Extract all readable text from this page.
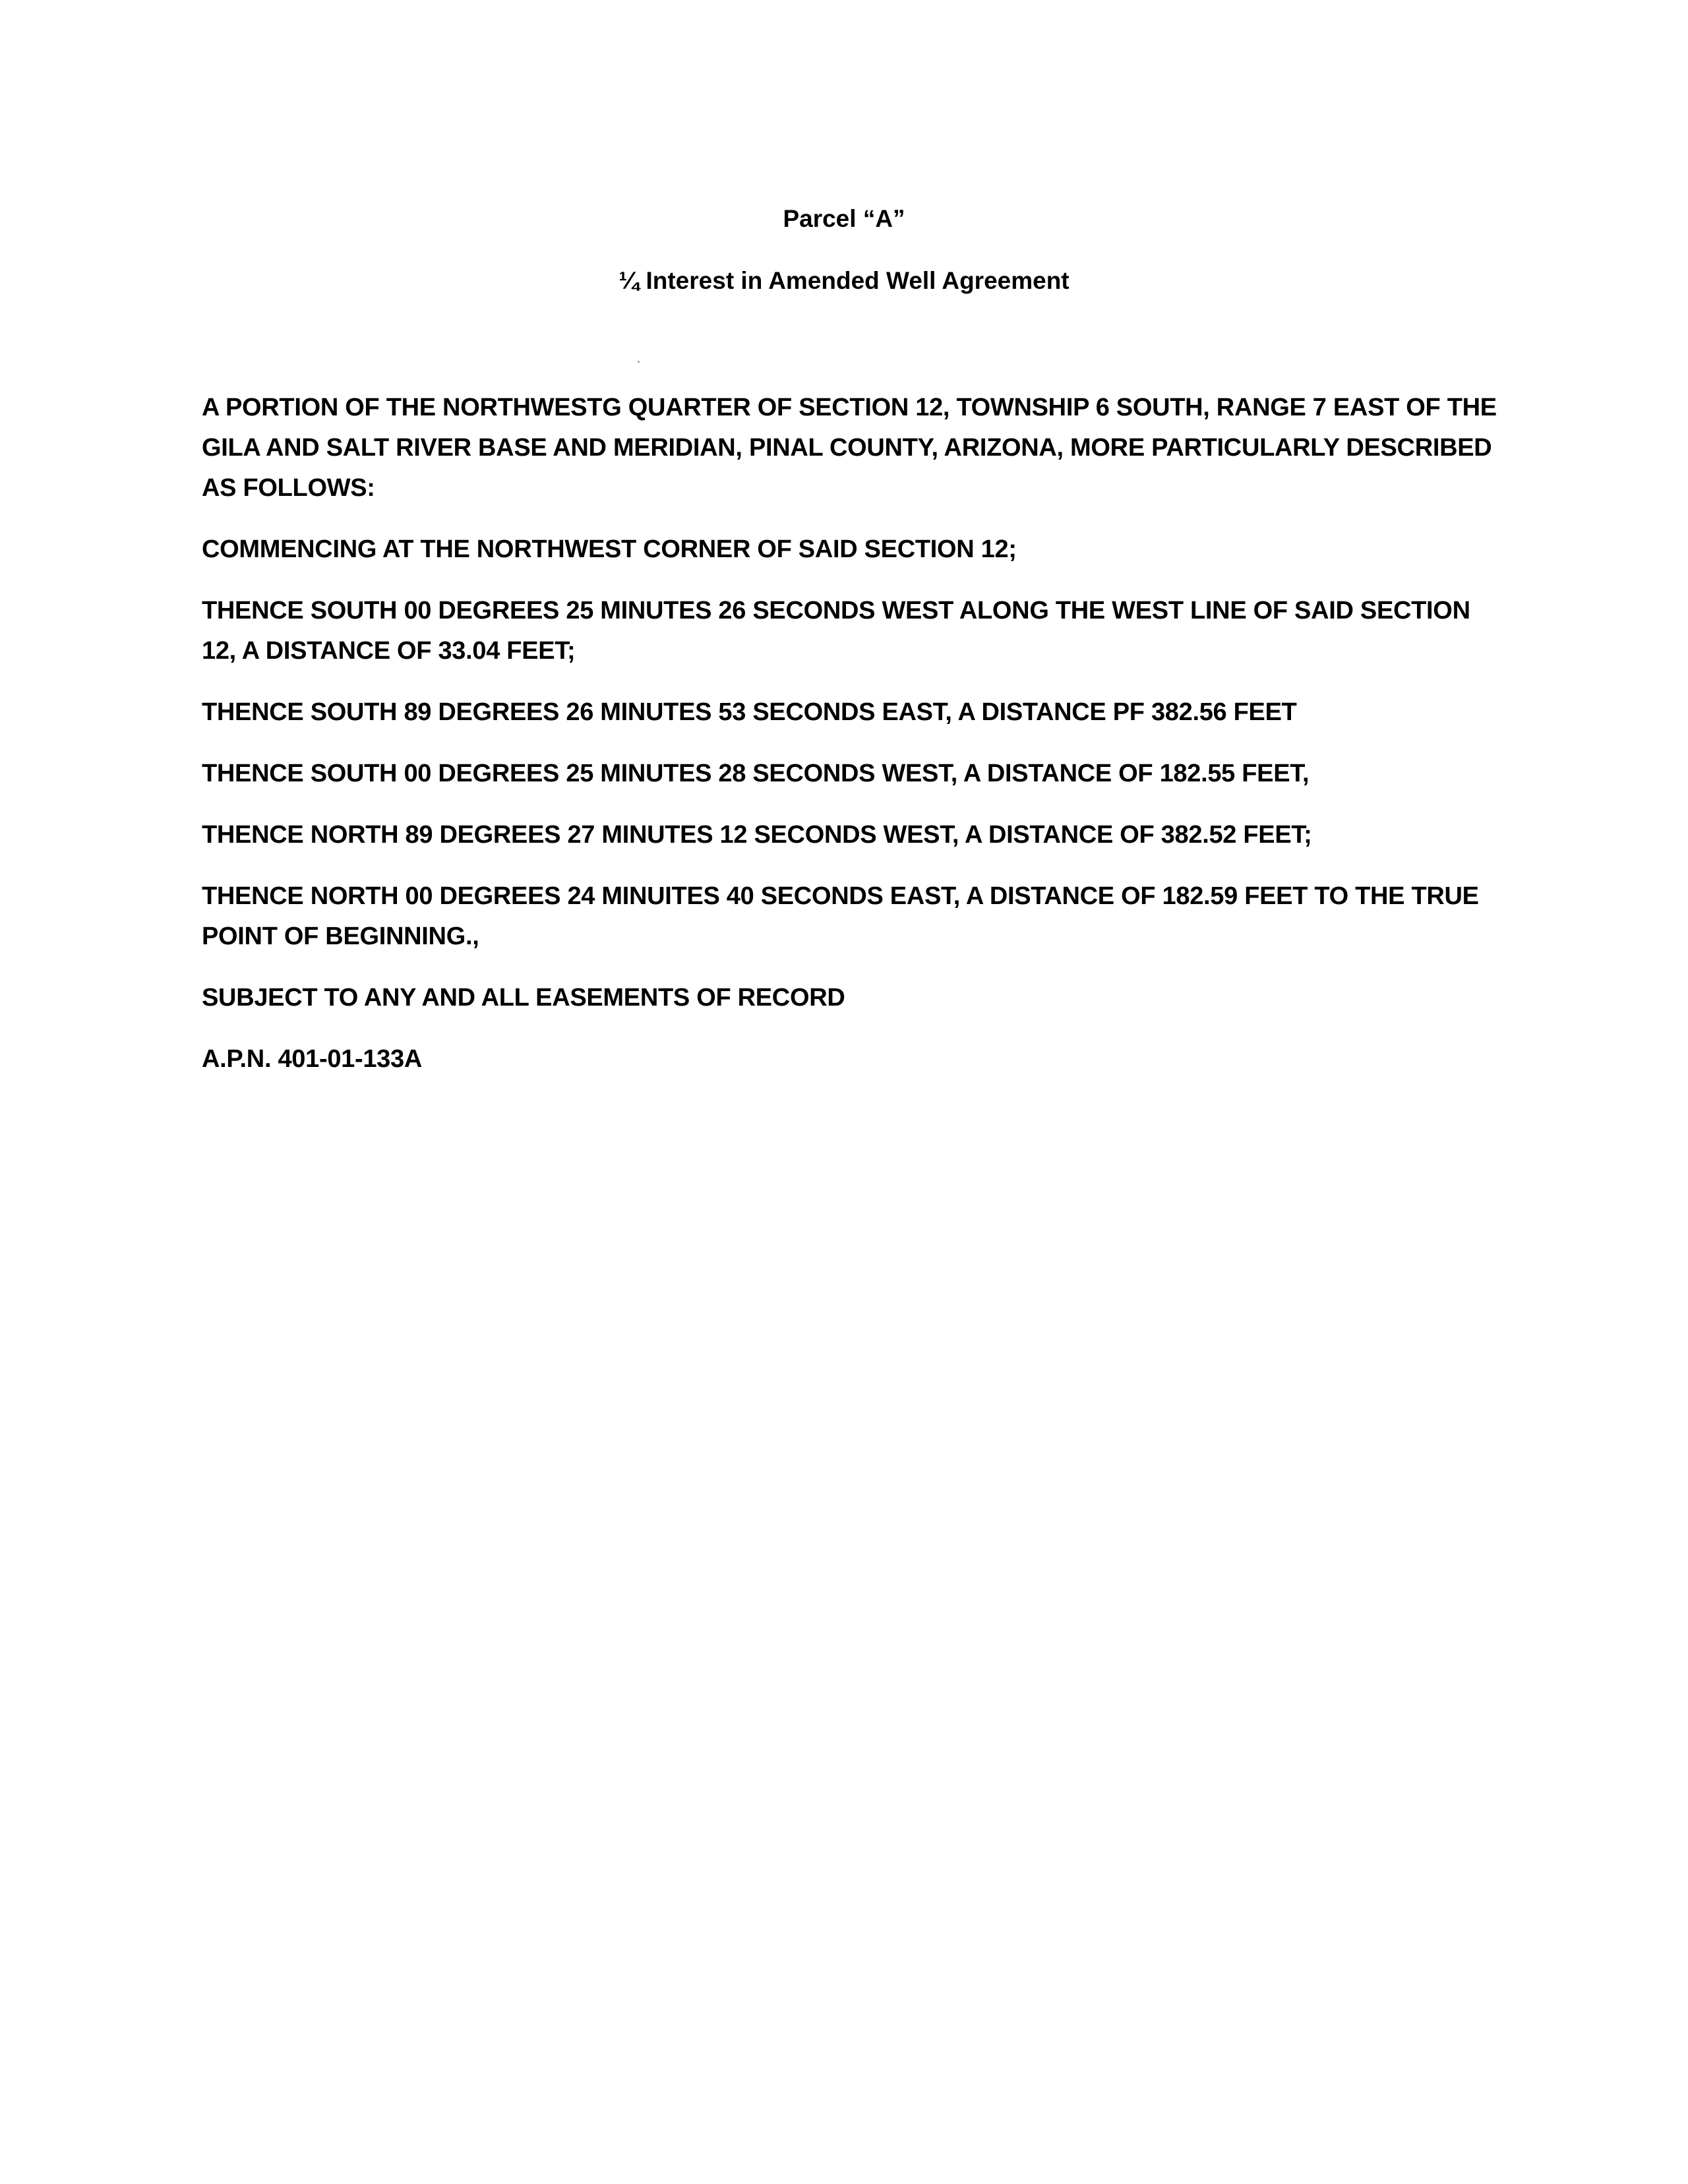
Parcel “A”
¼ Interest in Amended Well Agreement

A PORTION OF THE NORTHWESTG QUARTER OF SECTION 12, TOWNSHIP 6 SOUTH, RANGE 7 EAST OF THE GILA AND SALT RIVER BASE AND MERIDIAN, PINAL COUNTY, ARIZONA, MORE PARTICULARLY DESCRIBED AS FOLLOWS:

COMMENCING AT THE NORTHWEST CORNER OF SAID SECTION 12;

THENCE SOUTH 00 DEGREES 25 MINUTES 26 SECONDS WEST ALONG THE WEST LINE OF SAID SECTION 12, A DISTANCE OF 33.04 FEET;

THENCE SOUTH 89 DEGREES 26 MINUTES 53 SECONDS EAST, A DISTANCE PF 382.56 FEET

THENCE SOUTH 00 DEGREES 25 MINUTES 28 SECONDS WEST, A DISTANCE OF 182.55 FEET,

THENCE NORTH 89 DEGREES 27 MINUTES 12 SECONDS WEST, A DISTANCE OF 382.52 FEET;

THENCE NORTH 00 DEGREES 24 MINUITES 40 SECONDS EAST, A DISTANCE OF 182.59 FEET TO THE TRUE POINT OF BEGINNING.,

SUBJECT TO ANY AND ALL EASEMENTS OF RECORD

A.P.N. 401-01-133A
